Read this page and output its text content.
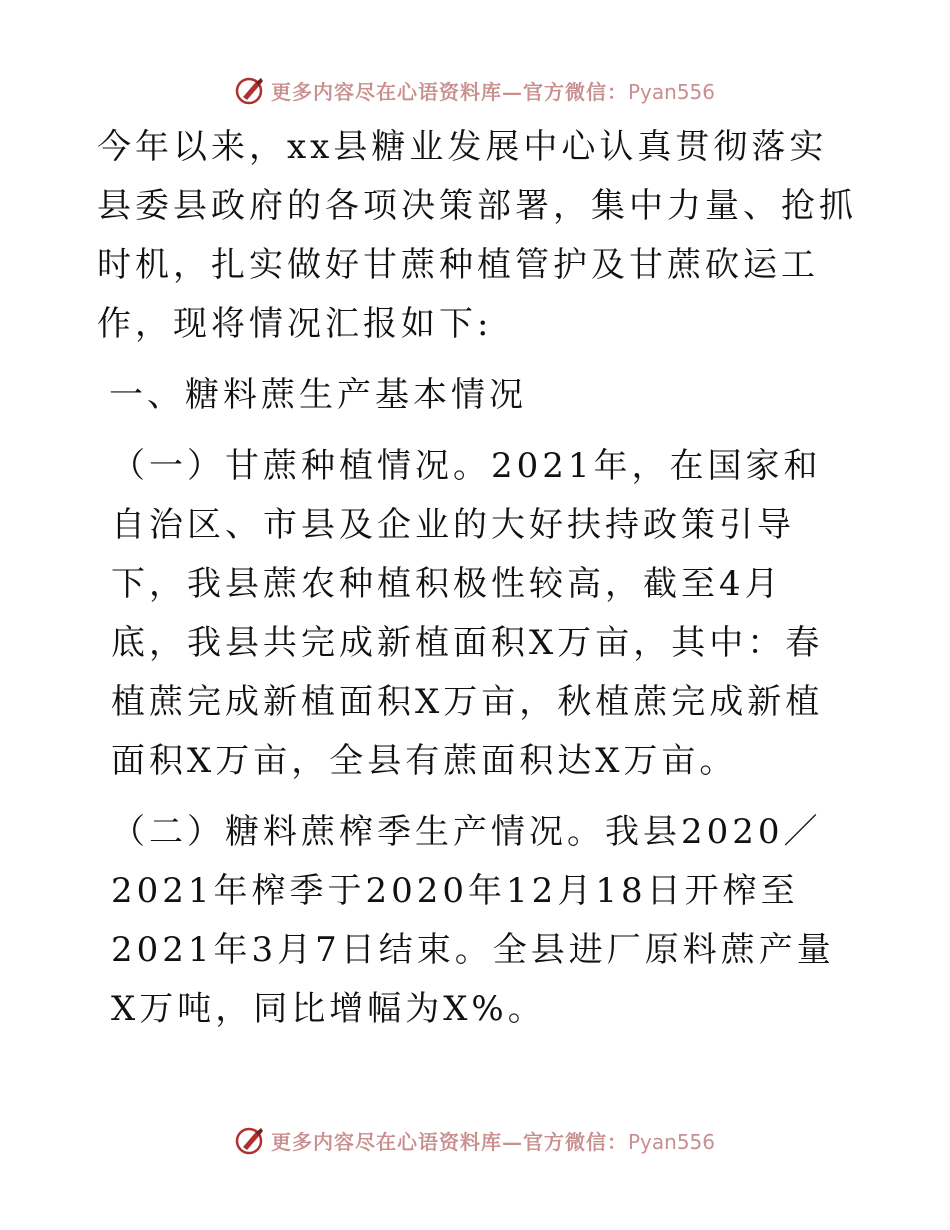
更多内容尽在心语资料库—官方微信：Pyan556

今年以来，xx县糖业发展中心认真贯彻落实县委县政府的各项决策部署，集中力量、抢抓时机，扎实做好甘蔗种植管护及甘蔗砍运工作，现将情况汇报如下:

一、糖料蔗生产基本情况

（一）甘蔗种植情况。2021年，在国家和自治区、市县及企业的大好扶持政策引导下，我县蔗农种植积极性较高，截至4月底，我县共完成新植面积X万亩，其中：春植蔗完成新植面积X万亩，秋植蔗完成新植面积X万亩，全县有蔗面积达X万亩。

（二）糖料蔗榨季生产情况。我县2020／2021年榨季于2020年12月18日开榨至2021年3月7日结束。全县进厂原料蔗产量X万吨，同比增幅为X%。

更多内容尽在心语资料库—官方微信：Pyan556
